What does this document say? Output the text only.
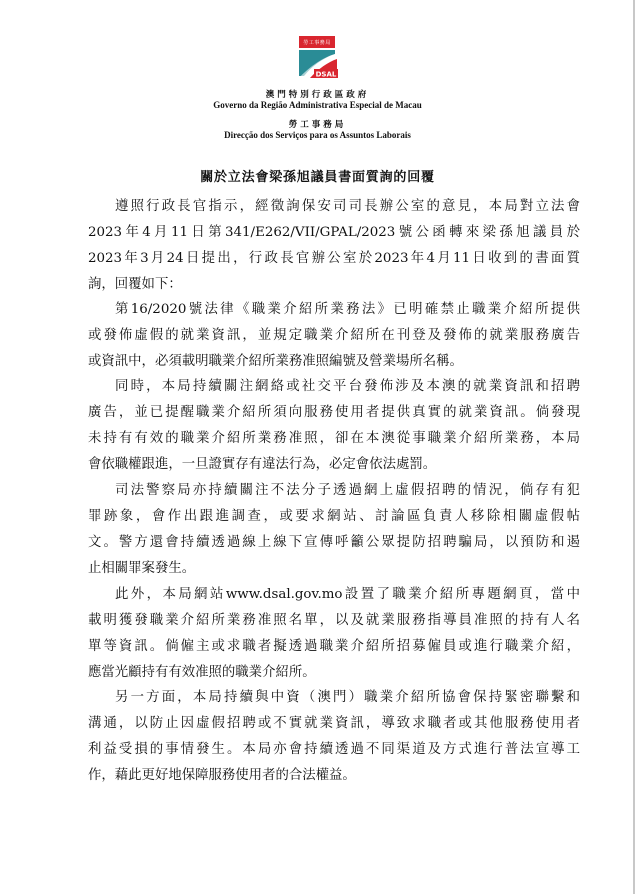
勞工事務局
DSAL
澳門特別行政區政府
Governo da Região Administrativa Especial de Macau
勞工事務局
Direcção dos Serviços para os Assuntos Laborais
關於立法會梁孫旭議員書面質詢的回覆
遵照行政長官指示，經徵詢保安司司長辦公室的意見，本局對立法會
2023年4月11日第341/E262/VII/GPAL/2023號公函轉來梁孫旭議員於
2023年3月24日提出，行政長官辦公室於2023年4月11日收到的書面質
詢，回覆如下：
第16/2020號法律《職業介紹所業務法》已明確禁止職業介紹所提供
或發佈虛假的就業資訊，並規定職業介紹所在刊登及發佈的就業服務廣告
或資訊中，必須載明職業介紹所業務准照編號及營業場所名稱。
同時，本局持續關注網絡或社交平台發佈涉及本澳的就業資訊和招聘
廣告，並已提醒職業介紹所須向服務使用者提供真實的就業資訊。倘發現
未持有有效的職業介紹所業務准照，卻在本澳從事職業介紹所業務，本局
會依職權跟進，一旦證實存有違法行為，必定會依法處罰。
司法警察局亦持續關注不法分子透過網上虛假招聘的情況，倘存有犯
罪跡象，會作出跟進調查，或要求網站、討論區負責人移除相關虛假帖
文。警方還會持續透過線上線下宣傳呼籲公眾提防招聘騙局，以預防和遏
止相關罪案發生。
此外，本局網站www.dsal.gov.mo設置了職業介紹所專題網頁，當中
載明獲發職業介紹所業務准照名單，以及就業服務指導員准照的持有人名
單等資訊。倘僱主或求職者擬透過職業介紹所招募僱員或進行職業介紹，
應當光顧持有有效准照的職業介紹所。
另一方面，本局持續與中資（澳門）職業介紹所協會保持緊密聯繫和
溝通，以防止因虛假招聘或不實就業資訊，導致求職者或其他服務使用者
利益受損的事情發生。本局亦會持續透過不同渠道及方式進行普法宣導工
作，藉此更好地保障服務使用者的合法權益。
